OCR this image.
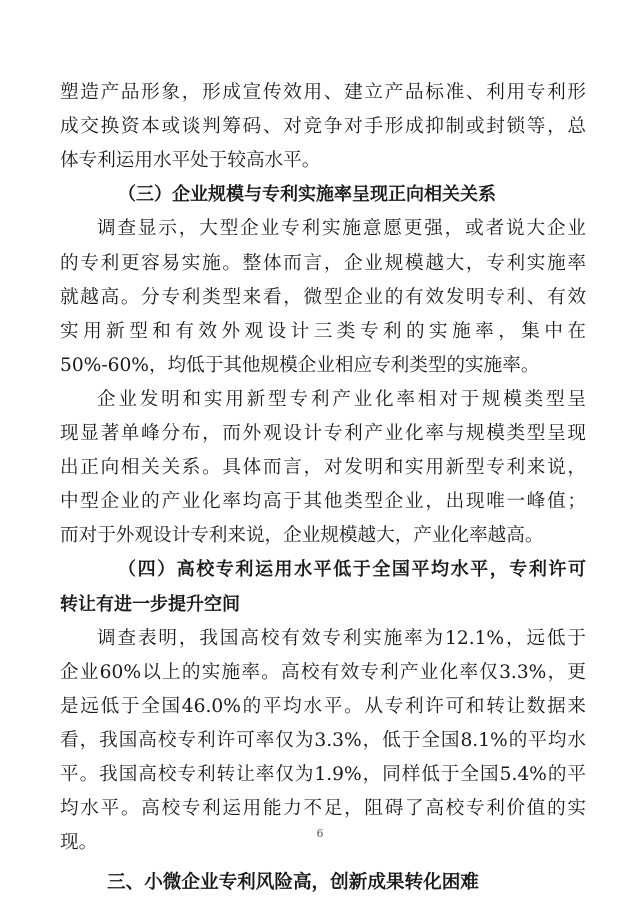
塑造产品形象，形成宣传效用、建立产品标准、利用专利形
成交换资本或谈判筹码、对竞争对手形成抑制或封锁等，总
体专利运用水平处于较高水平。
（三）企业规模与专利实施率呈现正向相关关系
调查显示，大型企业专利实施意愿更强，或者说大企业
的专利更容易实施。整体而言，企业规模越大，专利实施率
就越高。分专利类型来看，微型企业的有效发明专利、有效
实用新型和有效外观设计三类专利的实施率，集中在
50%-60%，均低于其他规模企业相应专利类型的实施率。
企业发明和实用新型专利产业化率相对于规模类型呈
现显著单峰分布，而外观设计专利产业化率与规模类型呈现
出正向相关关系。具体而言，对发明和实用新型专利来说，
中型企业的产业化率均高于其他类型企业，出现唯一峰值；
而对于外观设计专利来说，企业规模越大，产业化率越高。
（四）高校专利运用水平低于全国平均水平，专利许可
转让有进一步提升空间
调查表明，我国高校有效专利实施率为12.1%，远低于
企业60%以上的实施率。高校有效专利产业化率仅3.3%，更
是远低于全国46.0%的平均水平。从专利许可和转让数据来
看，我国高校专利许可率仅为3.3%，低于全国8.1%的平均水
平。我国高校专利转让率仅为1.9%，同样低于全国5.4%的平
均水平。高校专利运用能力不足，阻碍了高校专利价值的实
现。
三、小微企业专利风险高，创新成果转化困难
6
